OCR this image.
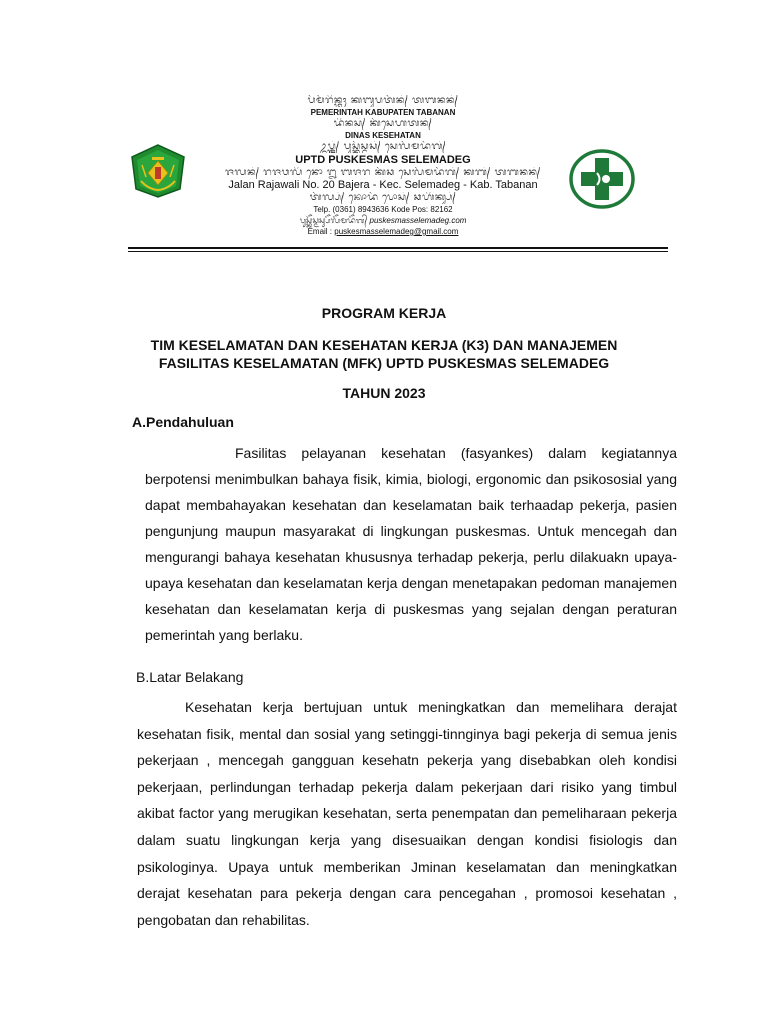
ᬧᭂᬫᭂᬭᬶᬦ᭄ᬢᬄ ᬓᬩᬸᬧᬢᭂᬦ᭄ ᬢᬩᬦᬦ᭄
PEMERINTAH KABUPATEN TABANAN
ᬤᬶᬦᬲ᭄ ᬓᭂᬲᬾᬳᬢᬦ᭄
DINAS KESEHATAN
ᬉᬧ᭄ᬢ᭄ᬤ᭄ ᬧᬸᬲ᭄ᬓᭂᬲ᭄ᬫᬲ᭄ ᬲᬾᬮᭂᬫᬤᭂᬕ᭄
UPTD PUSKESMAS SELEMADEG
ᬚᬮᬦ᭄ ᬭᬚᬯᬮᬶ ᬦᭀ ᬍ ᬩᬚᬭ ᬓᭂᬘ ᬲᬾᬮᭂᬫᬤᭂᬕ᭄ ᬓᬩ᭄ ᬢᬩᬦᬦ᭄
Jalan Rajawali No. 20 Bajera - Kec. Selemadeg - Kab. Tabanan
ᬢᭂᬮ᭄ᬧ᭄ ᬓᭀᬤᭂ ᬧᭀᬲ᭄ ᬘᬳᬶᬓ᭄ᬲ᭄
Telp. (0361) 8943636 Kode Pos: 82162
ᬧᬸᬲ᭄ᬓᭂᬲ᭄ᬫᬲ᭄ᬲᭂᬮᭂᬫᬤᭂᬕ᭄ puskesmasselemadeg.com
Email : puskesmasselemadeg@gmail.com
PROGRAM KERJA
TIM KESELAMATAN DAN KESEHATAN KERJA (K3) DAN MANAJEMEN
FASILITAS KESELAMATAN (MFK) UPTD PUSKESMAS SELEMADEG
TAHUN 2023
A.Pendahuluan
Fasilitas pelayanan kesehatan (fasyankes) dalam kegiatannya berpotensi menimbulkan bahaya fisik, kimia, biologi, ergonomic dan psikososial yang dapat membahayakan kesehatan dan keselamatan baik terhaadap pekerja, pasien pengunjung maupun masyarakat di lingkungan puskesmas. Untuk mencegah dan mengurangi bahaya kesehatan khususnya terhadap pekerja, perlu dilakuakn upaya-upaya kesehatan dan keselamatan kerja dengan menetapakan pedoman manajemen kesehatan dan keselamatan kerja di puskesmas yang sejalan dengan peraturan pemerintah yang berlaku.
B.Latar Belakang
Kesehatan kerja bertujuan untuk meningkatkan dan memelihara derajat kesehatan fisik, mental dan sosial yang setinggi-tinnginya bagi pekerja di semua jenis pekerjaan , mencegah gangguan kesehatn pekerja yang disebabkan oleh kondisi pekerjaan, perlindungan terhadap pekerja dalam pekerjaan dari risiko yang timbul akibat factor yang merugikan kesehatan, serta penempatan dan pemeliharaan pekerja dalam suatu lingkungan kerja yang disesuaikan dengan kondisi fisiologis dan psikologinya. Upaya untuk memberikan Jminan keselamatan dan meningkatkan derajat kesehatan para pekerja dengan cara pencegahan , promosoi kesehatan , pengobatan dan rehabilitas.
